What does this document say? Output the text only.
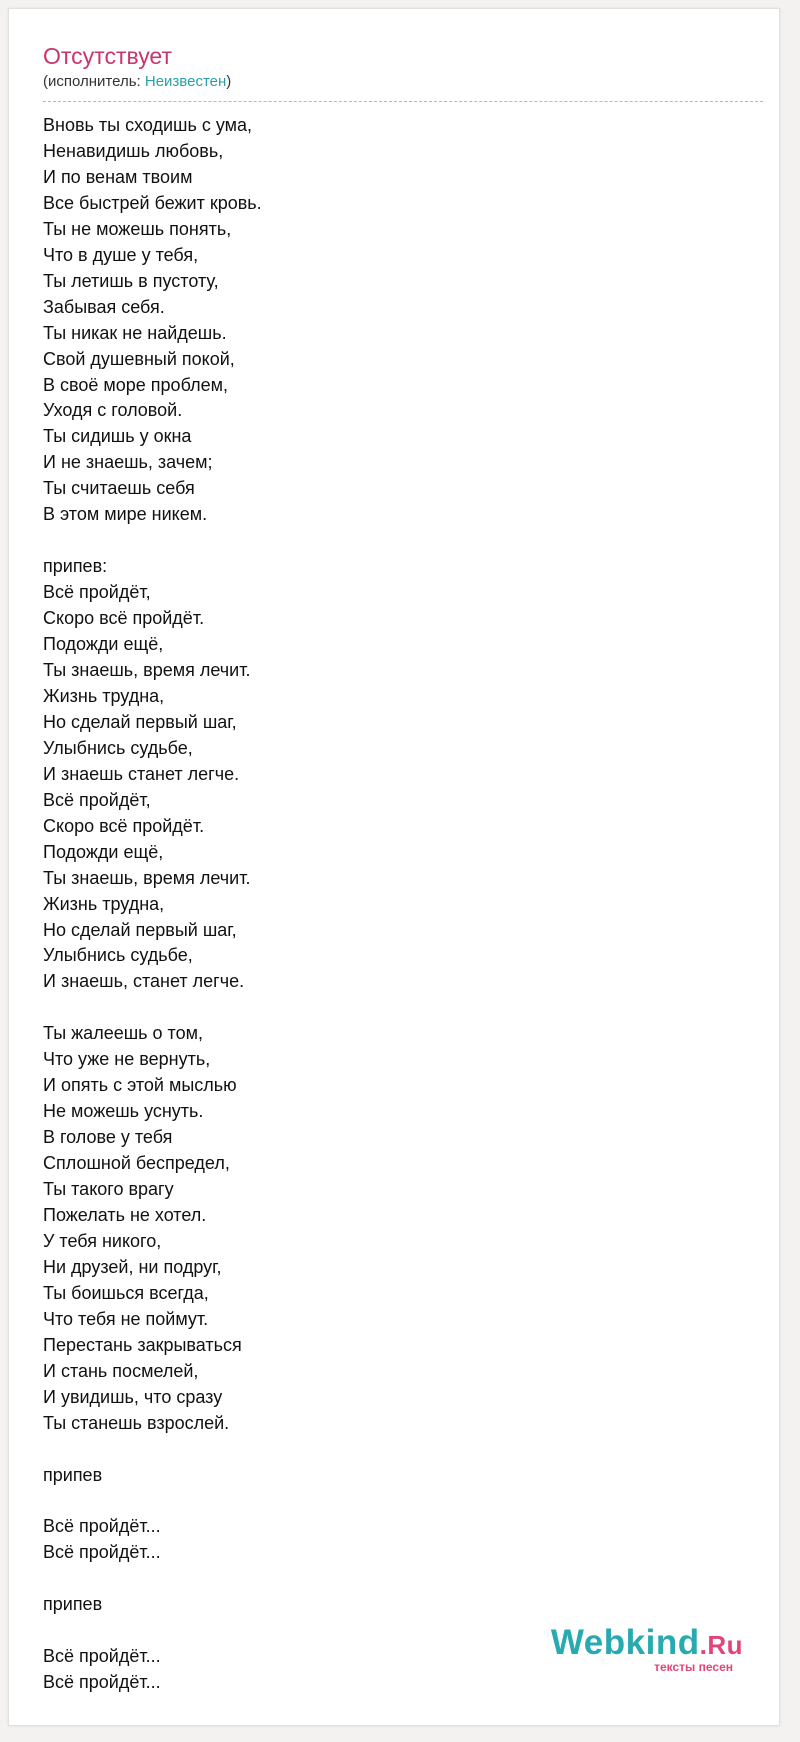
Отсутствует
(исполнитель: Неизвестен)
Вновь ты сходишь с ума,
Ненавидишь любовь,
И по венам твоим
Все быстрей бежит кровь.
Ты не можешь понять,
Что в душе у тебя,
Ты летишь в пустоту,
Забывая себя.
Ты никак не найдешь.
Свой душевный покой,
В своё море проблем,
Уходя с головой.
Ты сидишь у окна
И не знаешь, зачем;
Ты считаешь себя
В этом мире никем.
припев:
Всё пройдёт,
Скоро всё пройдёт.
Подожди ещё,
Ты знаешь, время лечит.
Жизнь трудна,
Но сделай первый шаг,
Улыбнись судьбе,
И знаешь станет легче.
Всё пройдёт,
Скоро всё пройдёт.
Подожди ещё,
Ты знаешь, время лечит.
Жизнь трудна,
Но сделай первый шаг,
Улыбнись судьбе,
И знаешь, станет легче.
Ты жалеешь о том,
Что уже не вернуть,
И опять с этой мыслью
Не можешь уснуть.
В голове у тебя
Сплошной беспредел,
Ты такого врагу
Пожелать не хотел.
У тебя никого,
Ни друзей, ни подруг,
Ты боишься всегда,
Что тебя не поймут.
Перестань закрываться
И стань посмелей,
И увидишь, что сразу
Ты станешь взрослей.
припев
Всё пройдёт...
Всё пройдёт...
припев
Всё пройдёт...
Всё пройдёт...
Webkind.Ru
тексты песен
